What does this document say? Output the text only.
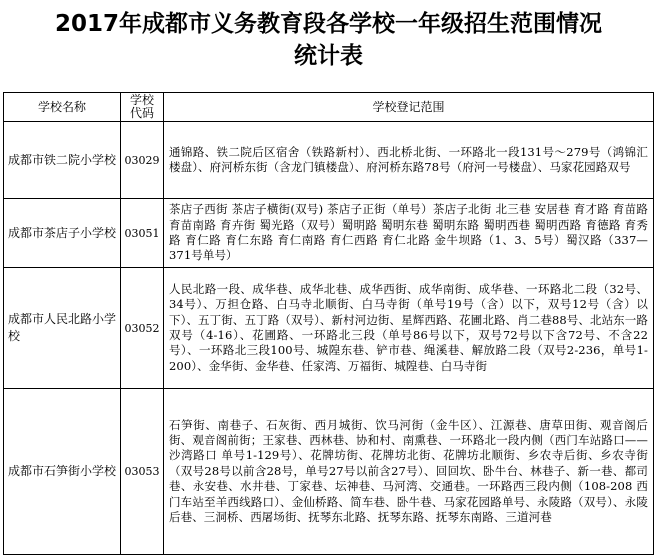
2017年成都市义务教育段各学校一年级招生范围情况
统计表
学校名称	学校代码	学校登记范围
成都市铁二院小学校	03029	通锦路、铁二院后区宿舍（铁路新村）、西北桥北街、一环路北一段131号～279号（鸿锦汇楼盘）、府河桥东街（含龙门镇楼盘）、府河桥东路78号（府河一号楼盘）、马家花园路双号

成都市茶店子小学校	03051	茶店子西街 茶店子横街(双号) 茶店子正街（单号）茶店子北街 北三巷 安居巷 育才路 育苗路 育苗南路 育卉街 蜀光路（双号）蜀明路 蜀明东巷 蜀明东路 蜀明西巷 蜀明西路 育德路 育秀路 育仁路 育仁东路 育仁南路 育仁西路 育仁北路 金牛坝路（1、3、5号）蜀汉路（337—371号单号）

成都市人民北路小学校	03052	人民北路一段、成华巷、成华北巷、成华西街、成华南街、成华巷、一环路北二段（32号、34号）、万担仓路、白马寺北顺街、白马寺街（单号19号（含）以下，双号12号（含）以下）、五丁街、五丁路（双号）、新村河边街、星辉西路、花圃北路、肖二巷88号、北站东一路双号（4-16）、花圃路、一环路北三段（单号86号以下，双号72号以下含72号、不含22号）、一环路北三段100号、城隍东巷、铲市巷、绳溪巷、解放路二段（双号2-236，单号1-200）、金华街、金华巷、任家湾、万福街、城隍巷、白马寺街

成都市石笋街小学校	03053	石笋街、南巷子、石灰街、西月城街、饮马河街（金牛区）、江源巷、唐草田街、观音阁后街、观音阁前街；王家巷、西林巷、协和村、南熏巷、一环路北一段内侧（西门车站路口——沙湾路口 单号1-129号）、花牌坊街、花牌坊北街、花牌坊北顺街、乡农寺后街、乡农寺街（双号28号以前含28号，单号27号以前含27号）、回回坎、卧牛台、林巷子、新一巷、都司巷、永安巷、水井巷、丁家巷、坛神巷、马河湾、交通巷。一环路西三段内侧（108-208 西门车站至羊西线路口）、金仙桥路、简车巷、卧牛巷、马家花园路单号、永陵路（双号）、永陵后巷、三洞桥、西屠场街、抚琴东北路、抚琴东路、抚琴东南路、三道河巷
